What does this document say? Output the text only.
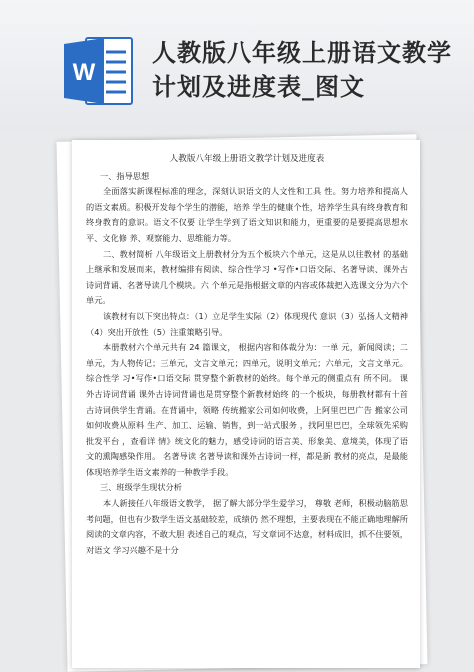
W
人教版八年级上册语文教学计划及进度表_图文
人教版八年级上册语文教学计划及进度表

一、指导思想

全面落实新课程标准的理念，深刻认识语文的人文性和工具 性。努力培养和提高人的语文素质。积极开发每个学生的潜能，培养 学生的健康个性，培养学生具有终身教育和终身教育的意识。语文不仅要 让学生学到了语文知识和能力，更重要的是要提高思想水平、文化修 养、观察能力、思维能力等。

二、教材简析 八年级语文上册教材分为五个板块六个单元，这是从以往教材 的基础上继承和发展而来，教材编排有阅读、综合性学习 •写作•口语交际、名著导读、课外古诗词背诵、名著导读几个模块。六 个单元是指根据文章的内容或体裁把入选课文分为六个单元。

该教材有以下突出特点：（1）立足学生实际（2）体现现代 意识（3）弘扬人文精神（4）突出开放性（5）注重策略引导。

本册教材六个单元共有 24 篇课文， 根据内容和体裁分为：一单 元，新闻阅读；二单元，为人物传记；三单元，文言文单元；四单元，说明文单元；六单元，文言文单元。综合性学 习•写作•口语交际 贯穿整个新教材的始终。每个单元的侧重点有 所不同。 课外古诗词背诵 课外古诗词背诵也是贯穿整个新教材始终 的一个板块，每册教材都有十首古诗词供学生背诵。在背诵中，领略 传统搬家公司如何收费，上阿里巴巴广告 搬家公司如何收费从原料 生产、加工、运输、销售，到一站式服务 ，找阿里巴巴，全球领先采购批发平台 ，查看详 情》统文化的魅力，感受诗词的语言美、形象美、意境美，体现了语 文的熏陶感染作用。 名著导读 名著导读和课外古诗词一样，都是新 教材的亮点，是最能体现培养学生语文素养的一种教学手段。

三、班级学生现状分析

本人新接任八年级语文教学， 据了解大部分学生爱学习， 尊敬 老师，积极动脑筋思考问题，但也有少数学生语文基础较差，成绩仍 然不理想，主要表现在不能正确地理解所阅读的文章内容，不敢大胆 表述自己的观点，写文章词不达意，材料成旧，抓不住要领，对语文 学习兴趣不是十分
